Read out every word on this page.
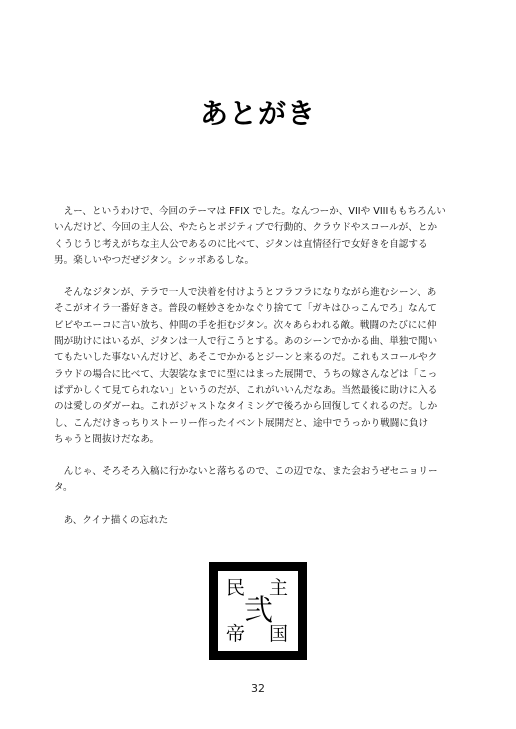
あとがき

えー、というわけで、今回のテーマは FFIX でした。なんつーか、VIIや VIIIももちろんい
いんだけど、今回の主人公、やたらとポジティブで行動的、クラウドやスコールが、とか
くうじうじ考えがちな主人公であるのに比べて、ジタンは直情径行で女好きを自認する
男。楽しいやつだぜジタン。シッポあるしな。

そんなジタンが、テラで一人で決着を付けようとフラフラになりながら進むシーン、あ
そこがオイラ一番好きさ。普段の軽妙さをかなぐり捨てて「ガキはひっこんでろ」なんて
ビビやエーコに言い放ち、仲間の手を拒むジタン。次々あらわれる敵。戦闘のたびにに仲
間が助けにはいるが、ジタンは一人で行こうとする。あのシーンでかかる曲、単独で聞い
てもたいした事ないんだけど、あそこでかかるとジーンと来るのだ。これもスコールやク
ラウドの場合に比べて、大袈裟なまでに型にはまった展開で、うちの嫁さんなどは「こっ
ぱずかしくて見てられない」というのだが、これがいいんだなあ。当然最後に助けに入る
のは愛しのダガーね。これがジャストなタイミングで後ろから回復してくれるのだ。しか
し、こんだけきっちりストーリー作ったイベント展開だと、途中でうっかり戦闘に負け
ちゃうと間抜けだなあ。

んじゃ、そろそろ入稿に行かないと落ちるので、この辺でな、また会おうぜセニョリー
タ。

あ、クイナ描くの忘れた

民 主
弐
帝 国
32
